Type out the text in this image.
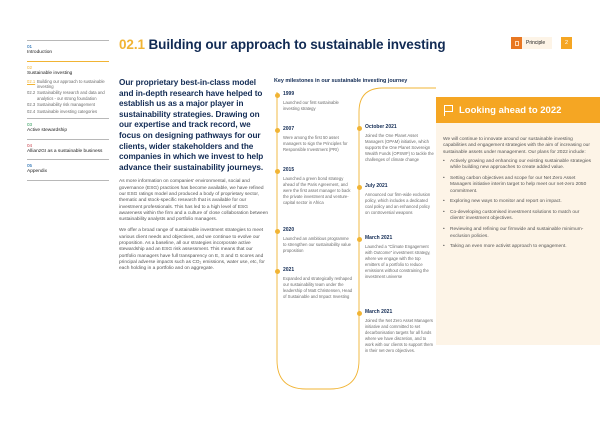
01
Introduction
02
Sustainable investing
02.1 Building our approach to sustainable investing
02.2 Sustainability research and data and analytics - our strong foundation
02.3 Sustainability risk management
02.4 Sustainable investing categories
03
Active stewardship
04
AllianzGI as a sustainable business
05
Appendix
02.1 Building our approach to sustainable investing	Principle	2

Our proprietary best-in-class model and in-depth research have helped to establish us as a major player in sustainability strategies. Drawing on our expertise and track record, we focus on designing pathways for our clients, wider stakeholders and the companies in which we invest to help advance their sustainability journeys.

As more information on companies' environmental, social and governance (ESG) practices has become available, we have refined our ESG ratings model and produced a body of proprietary sector, thematic and stock-specific research that is available for our investment professionals. This has led to a high level of ESG awareness within the firm and a culture of close collaboration between sustainability analysts and portfolio managers.

We offer a broad range of sustainable investment strategies to meet various client needs and objectives, and we continue to evolve our proposition. As a baseline, all our strategies incorporate active stewardship and an ESG risk assessment. This means that our portfolio managers have full transparency on E, S and G scores and principal adverse impacts such as CO₂ emissions, water use, etc, for each holding in a portfolio and on aggregate.

Key milestones in our sustainable investing journey
1999
Launched our first sustainable investing strategy
2007
Were among the first 50 asset managers to sign the Principles for Responsible Investment (PRI)
2015
Launched a green bond strategy ahead of the Paris Agreement, and were the first asset manager to back the private investment and venture-capital sector in Africa
2020
Launched an ambitious programme to strengthen our sustainability value proposition
2021
Expanded and strategically reshaped our sustainability team under the leadership of Matt Christensen, Head of Sustainable and Impact Investing
October 2021
Joined the One Planet Asset Managers (OPAM) initiative, which supports the One Planet Sovereign Wealth Funds (OPSWF) to tackle the challenges of climate change
July 2021
Announced our firm-wide exclusion policy, which includes a dedicated coal policy and an enhanced policy on controversial weapons
March 2021
Launched a "Climate Engagement with Outcome" investment strategy, where we engage with the top emitters of a portfolio to reduce emissions without constraining the investment universe
March 2021
Joined the Net Zero Asset Managers initiative and committed to set decarbonisation targets for all funds where we have discretion, and to work with our clients to support them in their net-zero objectives.
Looking ahead to 2022

We will continue to innovate around our sustainable investing capabilities and engagement strategies with the aim of increasing our sustainable assets under management. Our plans for 2022 include:

• Actively growing and enhancing our existing sustainable strategies while building new approaches to create added value.
• Setting carbon objectives and scope for our Net Zero Asset Managers initiative interim target to help meet our net-zero 2050 commitment.
• Exploring new ways to monitor and report on impact.
• Co-developing customised investment solutions to match our clients' investment objectives.
• Reviewing and refining our firmwide and sustainable minimum-exclusion policies.
• Taking an even more activist approach to engagement.
